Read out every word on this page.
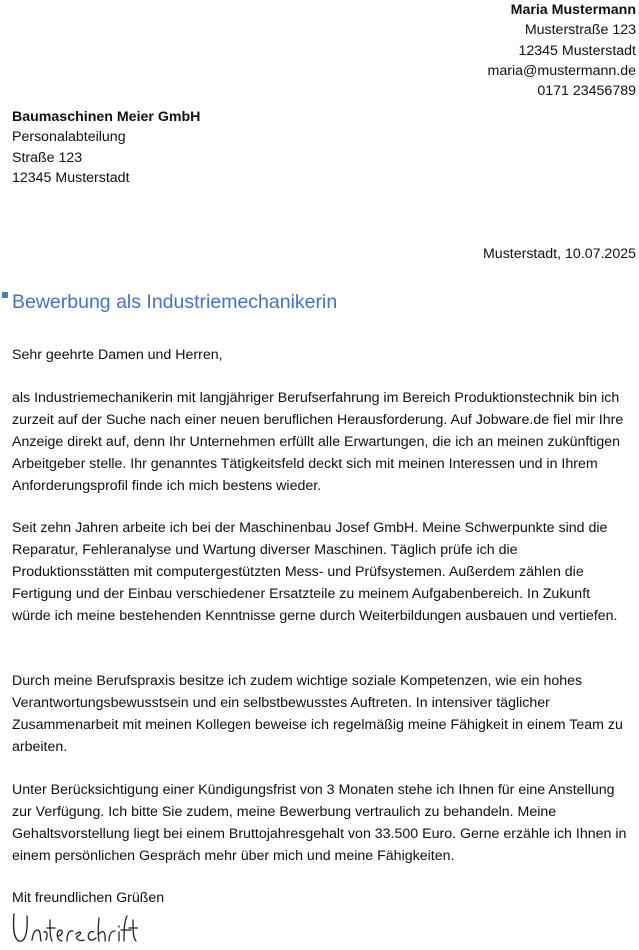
Maria Mustermann
Musterstraße 123
12345 Musterstadt
maria@mustermann.de
0171 23456789
Baumaschinen Meier GmbH
Personalabteilung
Straße 123
12345 Musterstadt
Musterstadt, 10.07.2025
Bewerbung als Industriemechanikerin
Sehr geehrte Damen und Herren,

als Industriemechanikerin mit langjähriger Berufserfahrung im Bereich Produktionstechnik bin ich zurzeit auf der Suche nach einer neuen beruflichen Herausforderung. Auf Jobware.de fiel mir Ihre Anzeige direkt auf, denn Ihr Unternehmen erfüllt alle Erwartungen, die ich an meinen zukünftigen Arbeitgeber stelle. Ihr genanntes Tätigkeitsfeld deckt sich mit meinen Interessen und in Ihrem Anforderungsprofil finde ich mich bestens wieder.

Seit zehn Jahren arbeite ich bei der Maschinenbau Josef GmbH. Meine Schwerpunkte sind die Reparatur, Fehleranalyse und Wartung diverser Maschinen. Täglich prüfe ich die Produktionsstätten mit computergestützten Mess- und Prüfsystemen. Außerdem zählen die Fertigung und der Einbau verschiedener Ersatzteile zu meinem Aufgabenbereich. In Zukunft würde ich meine bestehenden Kenntnisse gerne durch Weiterbildungen ausbauen und vertiefen.

Durch meine Berufspraxis besitze ich zudem wichtige soziale Kompetenzen, wie ein hohes Verantwortungsbewusstsein und ein selbstbewusstes Auftreten. In intensiver täglicher Zusammenarbeit mit meinen Kollegen beweise ich regelmäßig meine Fähigkeit in einem Team zu arbeiten.

Unter Berücksichtigung einer Kündigungsfrist von 3 Monaten stehe ich Ihnen für eine Anstellung zur Verfügung. Ich bitte Sie zudem, meine Bewerbung vertraulich zu behandeln. Meine Gehaltsvorstellung liegt bei einem Bruttojahresgehalt von 33.500 Euro. Gerne erzähle ich Ihnen in einem persönlichen Gespräch mehr über mich und meine Fähigkeiten.

Mit freundlichen Grüßen
